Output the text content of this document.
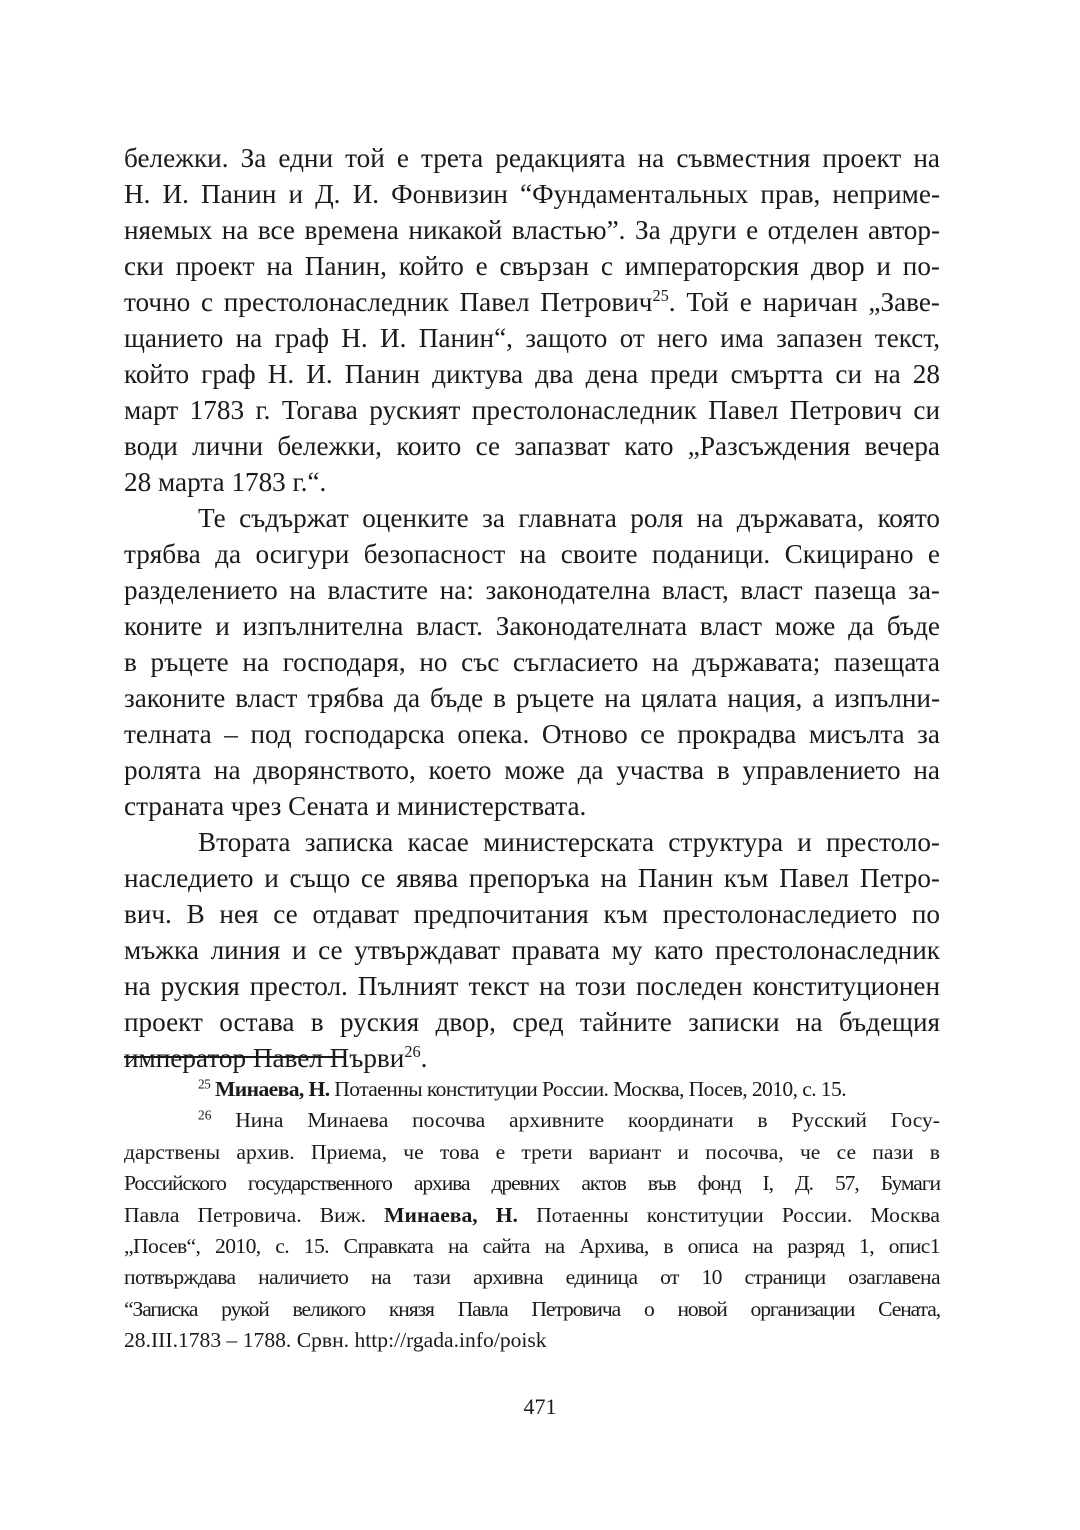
бележки. За едни той е трета редакцията на съвместния проект на
Н. И. Панин и Д. И. Фонвизин “Фундаментальных прав, неприме-
няемых на все времена никакой властью”. За други е отделен автор-
ски проект на Панин, който е свързан с императорския двор и по-
точно с престолонаследник Павел Петрович$^{25}$. Той е наричан „Заве-
щанието на граф Н. И. Панин“, защото от него има запазен текст,
който граф Н. И. Панин диктува два дена преди смъртта си на 28
март 1783 г. Тогава руският престолонаследник Павел Петрович си
води лични бележки, които се запазват като „Разсъждения вечера
28 марта 1783 г.“.
Те съдържат оценките за главната роля на държавата, която
трябва да осигури безопасност на своите поданици. Скицирано е
разделението на властите на: законодателна власт, власт пазеща за-
коните и изпълнителна власт. Законодателната власт може да бъде
в ръцете на господаря, но със съгласието на държавата; пазещата
законите власт трябва да бъде в ръцете на цялата нация, а изпълни-
телната – под господарска опека. Отново се прокрадва мисълта за
ролята на дворянството, което може да участва в управлението на
страната чрез Сената и министерствата.
Втората записка касае министерската структура и престоло-
наследието и също се явява препоръка на Панин към Павел Петро-
вич. В нея се отдават предпочитания към престолонаследието по
мъжка линия и се утвърждават правата му като престолонаследник
на руския престол. Пълният текст на този последен конституционен
проект остава в руския двор, сред тайните записки на бъдещия
император Павел Първи$^{26}$.
$^{25}$ Минаева, Н. Потаенны конституции России. Москва, Посев, 2010, с. 15.
$^{26}$ Нина Минаева посочва архивните координати в Русский Госу-
дарствены архив. Приема, че това е трети вариант и посочва, че се пази в
Российского государственного архива древних актов във фонд I, Д. 57, Бумаги
Павла Петровича. Виж. Минаева, Н. Потаенны конституции России. Москва
„Посев“, 2010, с. 15. Справката на сайта на Архива, в описа на разряд 1, опис1
потвърждава наличието на тази архивна единица от 10 страници озаглавена
“Записка рукой великого князя Павла Петровича о новой организации Сената,
28.III.1783 – 1788. Срвн. http://rgada.info/poisk
471
